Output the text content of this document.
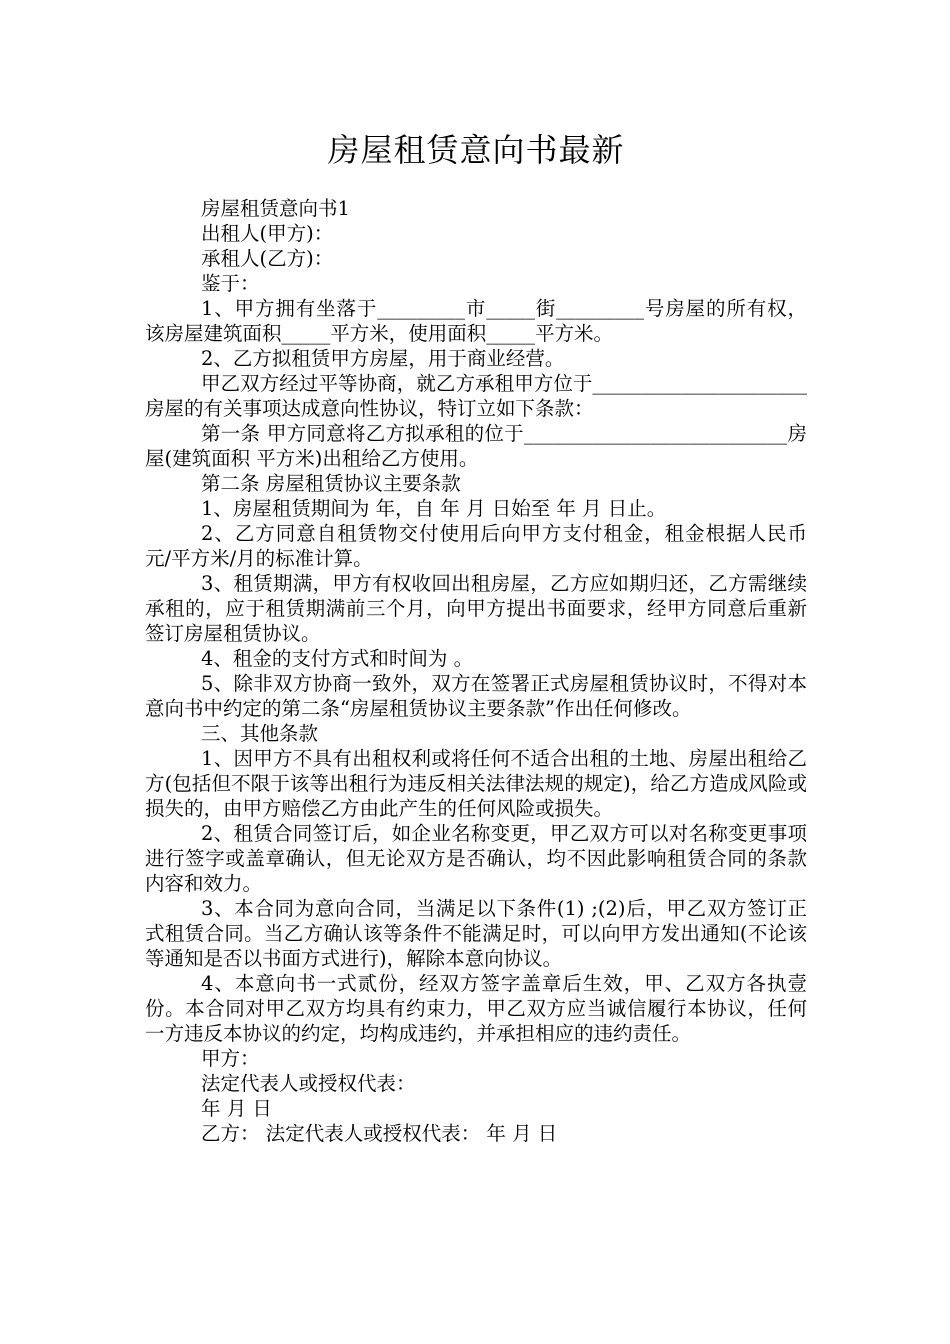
房屋租赁意向书最新

房屋租赁意向书1

出租人(甲方)：

承租人(乙方)：

鉴于：

1、甲方拥有坐落于_________市_____街_________号房屋的所有权，该房屋建筑面积_____平方米，使用面积_____平方米。

2、乙方拟租赁甲方房屋，用于商业经营。

甲乙双方经过平等协商，就乙方承租甲方位于______________________房屋的有关事项达成意向性协议，特订立如下条款：

第一条 甲方同意将乙方拟承租的位于___________________________房屋(建筑面积 平方米)出租给乙方使用。

第二条 房屋租赁协议主要条款

1、房屋租赁期间为 年，自 年 月 日始至 年 月 日止。

2、乙方同意自租赁物交付使用后向甲方支付租金，租金根据人民币 元/平方米/月的标准计算。

3、租赁期满，甲方有权收回出租房屋，乙方应如期归还，乙方需继续承租的，应于租赁期满前三个月，向甲方提出书面要求，经甲方同意后重新签订房屋租赁协议。

4、租金的支付方式和时间为 。

5、除非双方协商一致外，双方在签署正式房屋租赁协议时，不得对本意向书中约定的第二条“房屋租赁协议主要条款”作出任何修改。

三、其他条款

1、因甲方不具有出租权利或将任何不适合出租的土地、房屋出租给乙方(包括但不限于该等出租行为违反相关法律法规的规定)，给乙方造成风险或损失的，由甲方赔偿乙方由此产生的任何风险或损失。

2、租赁合同签订后，如企业名称变更，甲乙双方可以对名称变更事项进行签字或盖章确认，但无论双方是否确认，均不因此影响租赁合同的条款内容和效力。

3、本合同为意向合同，当满足以下条件(1) ;(2)后，甲乙双方签订正式租赁合同。当乙方确认该等条件不能满足时，可以向甲方发出通知(不论该等通知是否以书面方式进行)，解除本意向协议。

4、本意向书一式贰份，经双方签字盖章后生效，甲、乙双方各执壹份。本合同对甲乙双方均具有约束力，甲乙双方应当诚信履行本协议，任何一方违反本协议的约定，均构成违约，并承担相应的违约责任。

甲方：

法定代表人或授权代表：

年 月 日

乙方： 法定代表人或授权代表： 年 月 日
